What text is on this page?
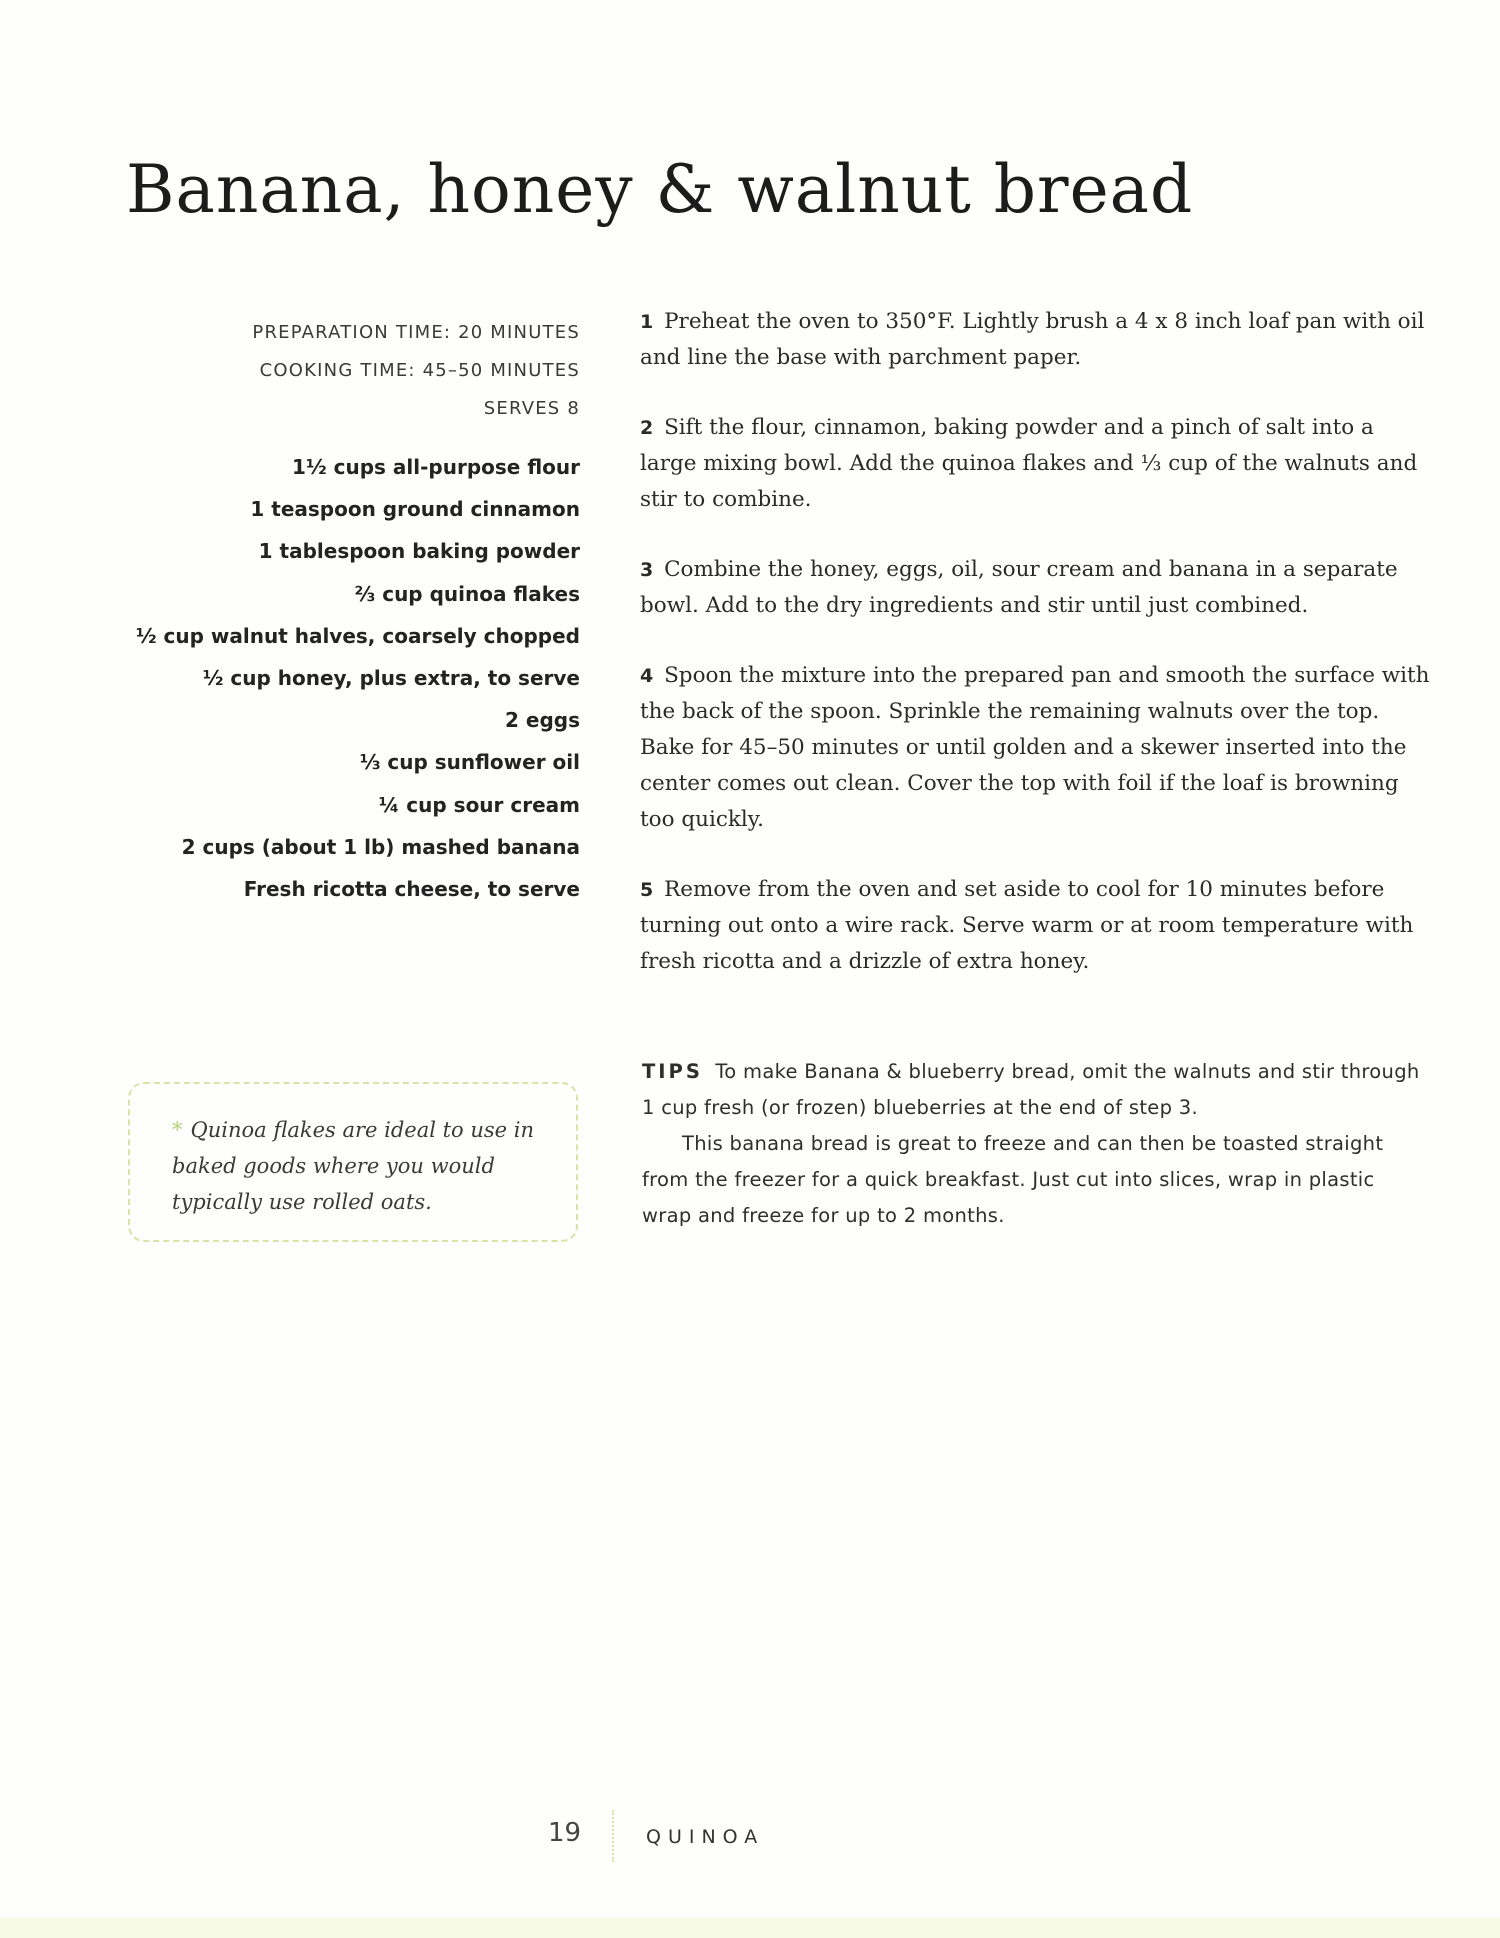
Banana, honey & walnut bread
PREPARATION TIME: 20 MINUTES
COOKING TIME: 45–50 MINUTES
SERVES 8
1½ cups all-purpose flour
1 teaspoon ground cinnamon
1 tablespoon baking powder
⅔ cup quinoa flakes
½ cup walnut halves, coarsely chopped
½ cup honey, plus extra, to serve
2 eggs
⅓ cup sunflower oil
¼ cup sour cream
2 cups (about 1 lb) mashed banana
Fresh ricotta cheese, to serve
1 Preheat the oven to 350°F. Lightly brush a 4 x 8 inch loaf pan with oil and line the base with parchment paper.
2 Sift the flour, cinnamon, baking powder and a pinch of salt into a large mixing bowl. Add the quinoa flakes and ⅓ cup of the walnuts and stir to combine.
3 Combine the honey, eggs, oil, sour cream and banana in a separate bowl. Add to the dry ingredients and stir until just combined.
4 Spoon the mixture into the prepared pan and smooth the surface with the back of the spoon. Sprinkle the remaining walnuts over the top. Bake for 45–50 minutes or until golden and a skewer inserted into the center comes out clean. Cover the top with foil if the loaf is browning too quickly.
5 Remove from the oven and set aside to cool for 10 minutes before turning out onto a wire rack. Serve warm or at room temperature with fresh ricotta and a drizzle of extra honey.
* Quinoa flakes are ideal to use in baked goods where you would typically use rolled oats.
TIPS To make Banana & blueberry bread, omit the walnuts and stir through 1 cup fresh (or frozen) blueberries at the end of step 3.
This banana bread is great to freeze and can then be toasted straight from the freezer for a quick breakfast. Just cut into slices, wrap in plastic wrap and freeze for up to 2 months.
19	QUINOA
